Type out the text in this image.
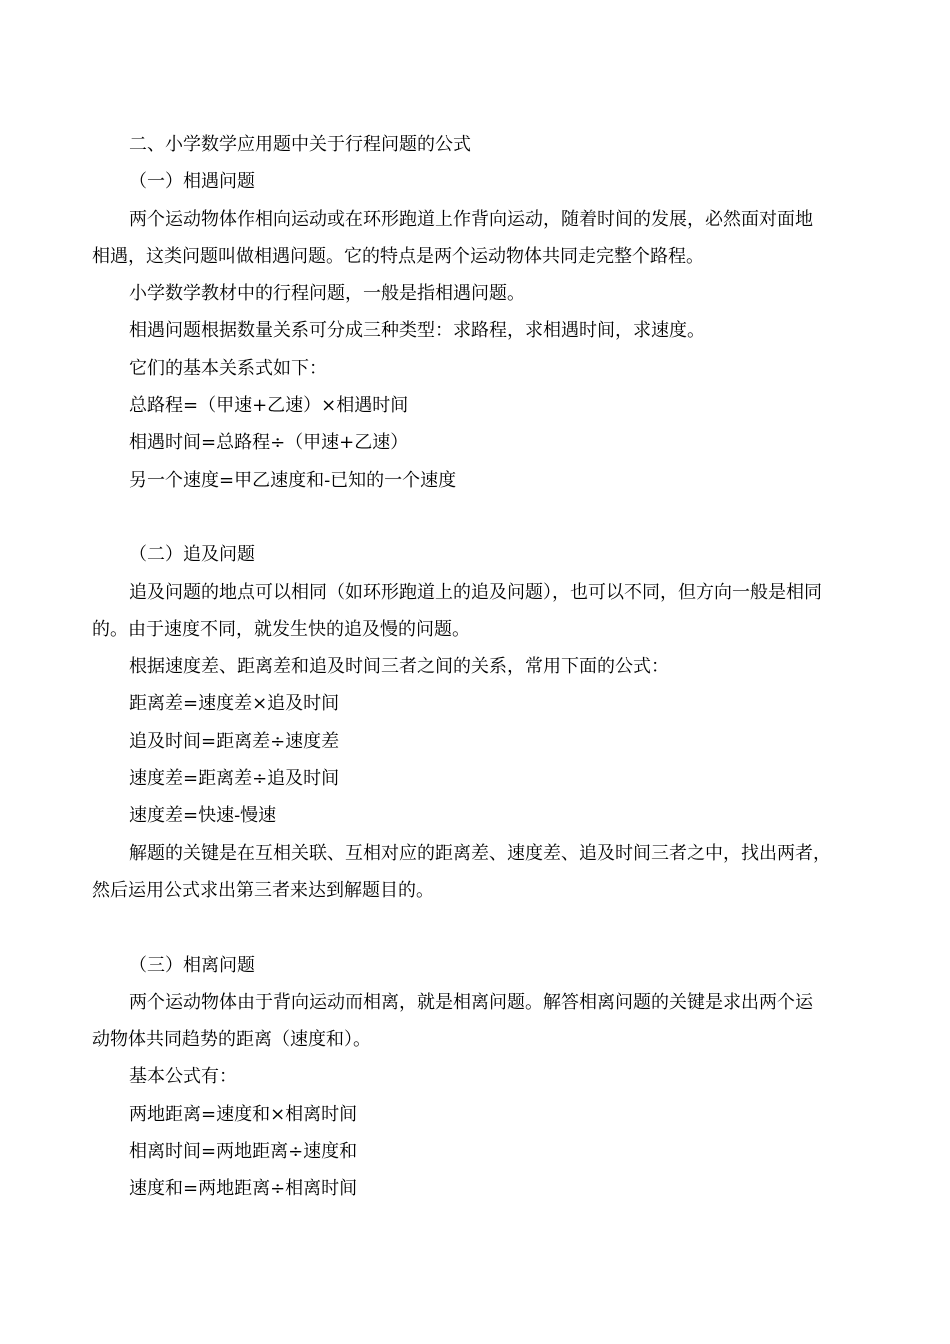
二、小学数学应用题中关于行程问题的公式

（一）相遇问题

两个运动物体作相向运动或在环形跑道上作背向运动，随着时间的发展，必然面对面地

相遇，这类问题叫做相遇问题。它的特点是两个运动物体共同走完整个路程。

小学数学教材中的行程问题，一般是指相遇问题。

相遇问题根据数量关系可分成三种类型：求路程，求相遇时间，求速度。

它们的基本关系式如下：

总路程=（甲速+乙速）×相遇时间

相遇时间=总路程÷（甲速+乙速）

另一个速度=甲乙速度和-已知的一个速度

（二）追及问题

追及问题的地点可以相同（如环形跑道上的追及问题），也可以不同，但方向一般是相同

的。由于速度不同，就发生快的追及慢的问题。

根据速度差、距离差和追及时间三者之间的关系，常用下面的公式：

距离差=速度差×追及时间

追及时间=距离差÷速度差

速度差=距离差÷追及时间

速度差=快速-慢速

解题的关键是在互相关联、互相对应的距离差、速度差、追及时间三者之中，找出两者，

然后运用公式求出第三者来达到解题目的。

（三）相离问题

两个运动物体由于背向运动而相离，就是相离问题。解答相离问题的关键是求出两个运

动物体共同趋势的距离（速度和）。

基本公式有：

两地距离=速度和×相离时间

相离时间=两地距离÷速度和

速度和=两地距离÷相离时间
